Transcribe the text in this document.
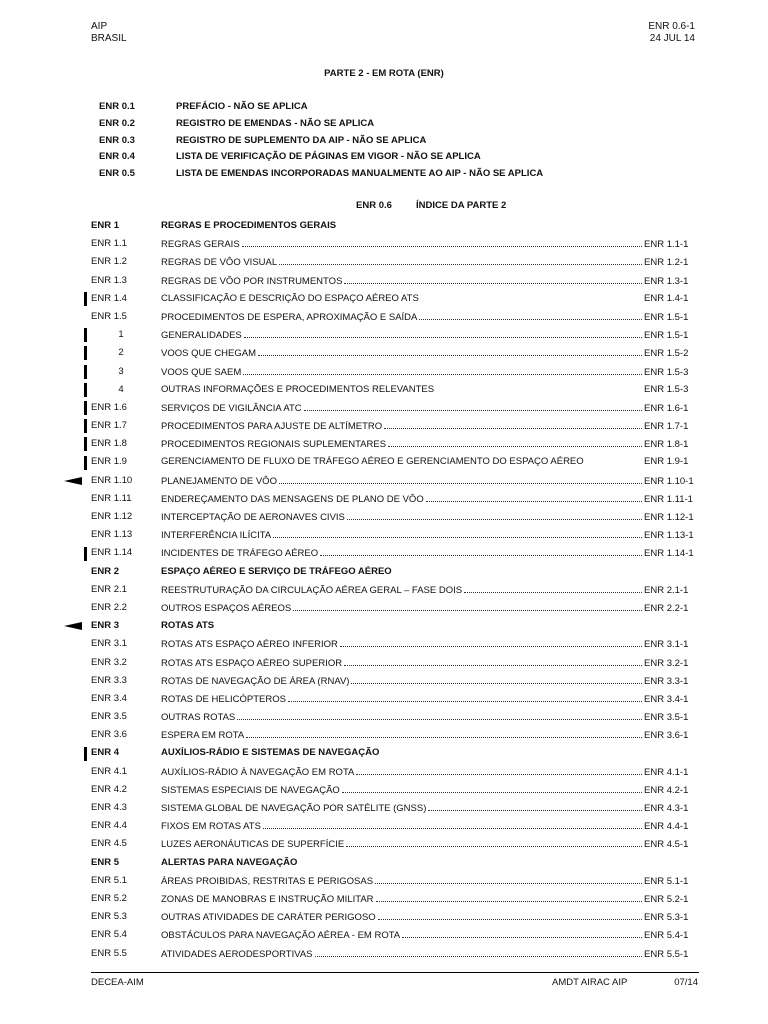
AIP
BRASIL
ENR 0.6-1
24 JUL 14
PARTE 2 - EM ROTA (ENR)
ENR 0.1	PREFÁCIO - NÃO SE APLICA
ENR 0.2	REGISTRO DE EMENDAS - NÃO SE APLICA
ENR 0.3	REGISTRO DE SUPLEMENTO DA AIP - NÃO SE APLICA
ENR 0.4	LISTA DE VERIFICAÇÃO DE PÁGINAS EM VIGOR - NÃO SE APLICA
ENR 0.5	LISTA DE EMENDAS INCORPORADAS MANUALMENTE AO AIP - NÃO SE APLICA
ENR 0.6	ÍNDICE DA PARTE 2
ENR 1	REGRAS E PROCEDIMENTOS GERAIS
ENR 1.1	REGRAS GERAIS	ENR 1.1-1
ENR 1.2	REGRAS DE VÔO VISUAL	ENR 1.2-1
ENR 1.3	REGRAS DE VÔO POR INSTRUMENTOS	ENR 1.3-1
ENR 1.4	CLASSIFICAÇÃO E DESCRIÇÃO DO ESPAÇO AÉREO ATS	ENR 1.4-1
ENR 1.5	PROCEDIMENTOS DE ESPERA, APROXIMAÇÃO E SAÍDA	ENR 1.5-1
1	GENERALIDADES	ENR 1.5-1
2	VOOS QUE CHEGAM	ENR 1.5-2
3	VOOS QUE SAEM	ENR 1.5-3
4	OUTRAS INFORMAÇÕES E PROCEDIMENTOS RELEVANTES	ENR 1.5-3
ENR 1.6	SERVIÇOS DE VIGILÂNCIA ATC	ENR 1.6-1
ENR 1.7	PROCEDIMENTOS PARA AJUSTE DE ALTÍMETRO	ENR 1.7-1
ENR 1.8	PROCEDIMENTOS REGIONAIS SUPLEMENTARES	ENR 1.8-1
ENR 1.9	GERENCIAMENTO DE FLUXO DE TRÁFEGO AÉREO E GERENCIAMENTO DO ESPAÇO AÉREO	ENR 1.9-1
ENR 1.10	PLANEJAMENTO DE VÔO	ENR 1.10-1
ENR 1.11	ENDEREÇAMENTO DAS MENSAGENS DE PLANO DE VÔO	ENR 1.11-1
ENR 1.12	INTERCEPTAÇÃO DE AERONAVES CIVIS	ENR 1.12-1
ENR 1.13	INTERFERÊNCIA ILÍCITA	ENR 1.13-1
ENR 1.14	INCIDENTES DE TRÁFEGO AÉREO	ENR 1.14-1
ENR 2	ESPAÇO AÉREO E SERVIÇO DE TRÁFEGO AÉREO
ENR 2.1	REESTRUTURAÇÃO DA CIRCULAÇÃO AÉREA GERAL – FASE DOIS	ENR 2.1-1
ENR 2.2	OUTROS ESPAÇOS AÉREOS	ENR 2.2-1
ENR 3	ROTAS ATS
ENR 3.1	ROTAS ATS ESPAÇO AÉREO INFERIOR	ENR 3.1-1
ENR 3.2	ROTAS ATS ESPAÇO AÉREO SUPERIOR	ENR 3.2-1
ENR 3.3	ROTAS DE NAVEGAÇÃO DE ÁREA (RNAV)	ENR 3.3-1
ENR 3.4	ROTAS DE HELICÓPTEROS	ENR 3.4-1
ENR 3.5	OUTRAS ROTAS	ENR 3.5-1
ENR 3.6	ESPERA EM ROTA	ENR 3.6-1
ENR 4	AUXÍLIOS-RÁDIO E SISTEMAS DE NAVEGAÇÃO
ENR 4.1	AUXÍLIOS-RÁDIO À NAVEGAÇÃO EM ROTA	ENR 4.1-1
ENR 4.2	SISTEMAS ESPECIAIS DE NAVEGAÇÃO	ENR 4.2-1
ENR 4.3	SISTEMA GLOBAL DE NAVEGAÇÃO POR SATÉLITE (GNSS)	ENR 4.3-1
ENR 4.4	FIXOS EM ROTAS ATS	ENR 4.4-1
ENR 4.5	LUZES AERONÁUTICAS DE SUPERFÍCIE	ENR 4.5-1
ENR 5	ALERTAS PARA NAVEGAÇÃO
ENR 5.1	ÁREAS PROIBIDAS, RESTRITAS E PERIGOSAS	ENR 5.1-1
ENR 5.2	ZONAS DE MANOBRAS E INSTRUÇÃO MILITAR	ENR 5.2-1
ENR 5.3	OUTRAS ATIVIDADES DE CARÁTER PERIGOSO	ENR 5.3-1
ENR 5.4	OBSTÁCULOS PARA NAVEGAÇÃO AÉREA - EM ROTA	ENR 5.4-1
ENR 5.5	ATIVIDADES AERODESPORTIVAS	ENR 5.5-1
DECEA-AIM	AMDT AIRAC AIP	07/14
